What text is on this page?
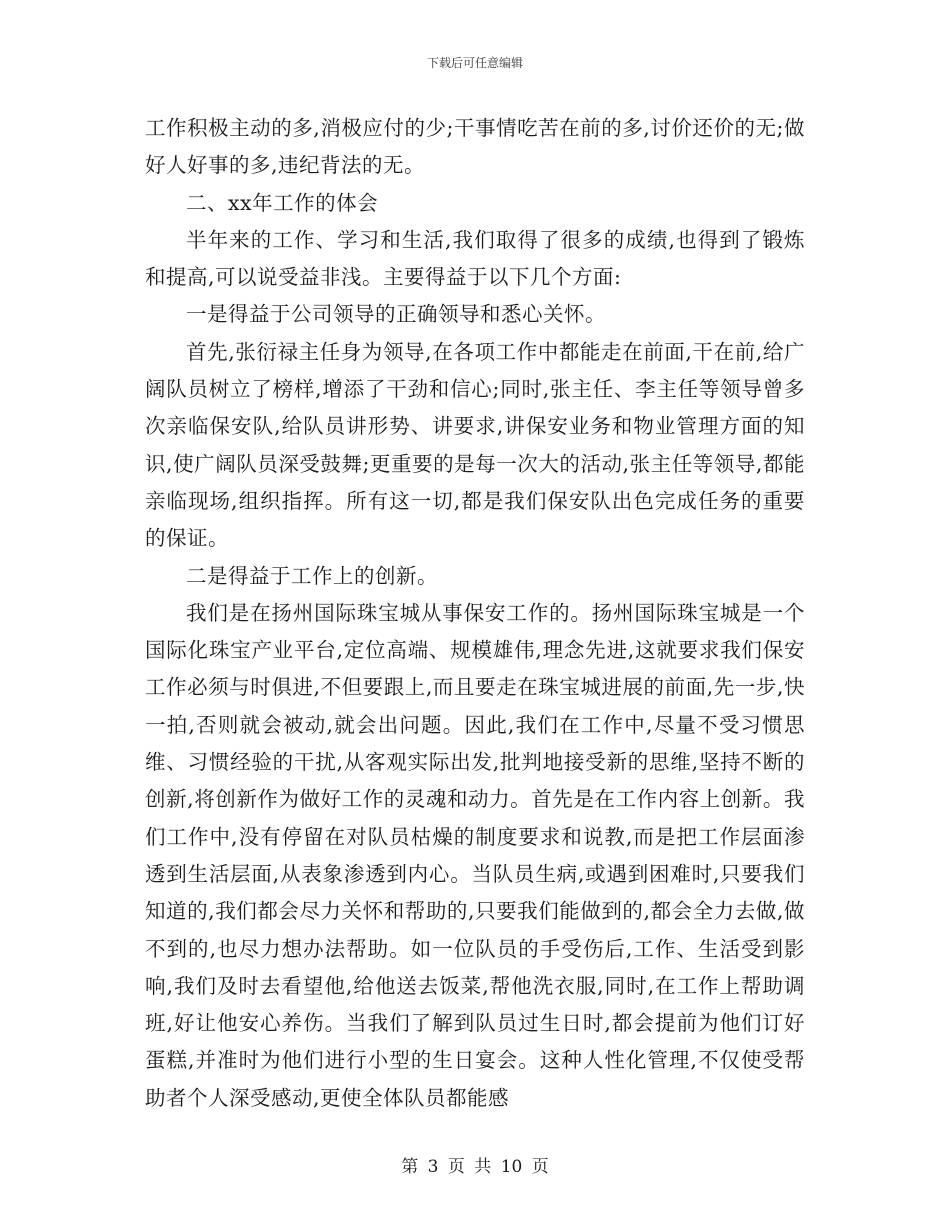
下载后可任意编辑

工作积极主动的多,消极应付的少;干事情吃苦在前的多,讨价还价的无;做好人好事的多,违纪背法的无。

二、xx年工作的体会

半年来的工作、学习和生活,我们取得了很多的成绩,也得到了锻炼和提高,可以说受益非浅。主要得益于以下几个方面:

一是得益于公司领导的正确领导和悉心关怀。

首先,张衍禄主任身为领导,在各项工作中都能走在前面,干在前,给广阔队员树立了榜样,增添了干劲和信心;同时,张主任、李主任等领导曾多次亲临保安队,给队员讲形势、讲要求,讲保安业务和物业管理方面的知识,使广阔队员深受鼓舞;更重要的是每一次大的活动,张主任等领导,都能亲临现场,组织指挥。所有这一切,都是我们保安队出色完成任务的重要的保证。

二是得益于工作上的创新。

我们是在扬州国际珠宝城从事保安工作的。扬州国际珠宝城是一个国际化珠宝产业平台,定位高端、规模雄伟,理念先进,这就要求我们保安工作必须与时俱进,不但要跟上,而且要走在珠宝城进展的前面,先一步,快一拍,否则就会被动,就会出问题。因此,我们在工作中,尽量不受习惯思维、习惯经验的干扰,从客观实际出发,批判地接受新的思维,坚持不断的创新,将创新作为做好工作的灵魂和动力。首先是在工作内容上创新。我们工作中,没有停留在对队员枯燥的制度要求和说教,而是把工作层面渗透到生活层面,从表象渗透到内心。当队员生病,或遇到困难时,只要我们知道的,我们都会尽力关怀和帮助的,只要我们能做到的,都会全力去做,做不到的,也尽力想办法帮助。如一位队员的手受伤后,工作、生活受到影响,我们及时去看望他,给他送去饭菜,帮他洗衣服,同时,在工作上帮助调班,好让他安心养伤。当我们了解到队员过生日时,都会提前为他们订好蛋糕,并准时为他们进行小型的生日宴会。这种人性化管理,不仅使受帮助者个人深受感动,更使全体队员都能感

第 3 页 共 10 页
